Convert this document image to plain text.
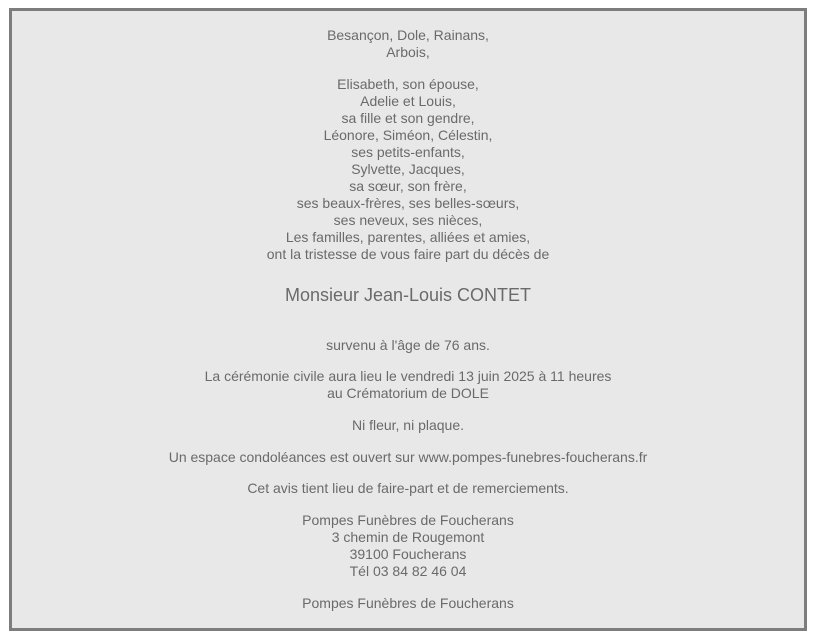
Besançon, Dole, Rainans,
Arbois,
Elisabeth, son épouse,
Adelie et Louis,
sa fille et son gendre,
Léonore, Siméon, Célestin,
ses petits-enfants,
Sylvette, Jacques,
sa sœur, son frère,
ses beaux-frères, ses belles-sœurs,
ses neveux, ses nièces,
Les familles, parentes, alliées et amies,
ont la tristesse de vous faire part du décès de
Monsieur Jean-Louis CONTET
survenu à l'âge de 76 ans.
La cérémonie civile aura lieu le vendredi 13 juin 2025 à 11 heures
au Crématorium de DOLE
Ni fleur, ni plaque.
Un espace condoléances est ouvert sur www.pompes-funebres-foucherans.fr
Cet avis tient lieu de faire-part et de remerciements.
Pompes Funèbres de Foucherans
3 chemin de Rougemont
39100 Foucherans
Tél 03 84 82 46 04
Pompes Funèbres de Foucherans
